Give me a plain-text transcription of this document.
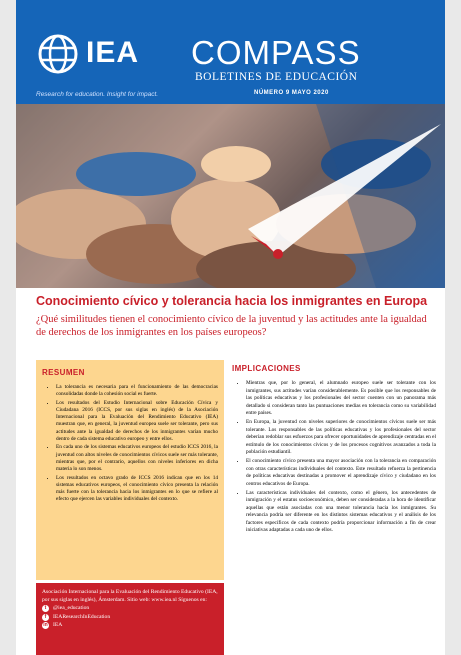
IEA
Research for education. Insight for impact.
COMPASS
BOLETINES DE EDUCACIÓN
NÚMERO 9 MAYO 2020
Conocimiento cívico y tolerancia hacia los inmigrantes en Europa
¿Qué similitudes tienen el conocimiento cívico de la juventud y las actitudes ante la igualdad de derechos de los inmigrantes en los países europeos?
RESUMEN
• La tolerancia es necesaria para el funcionamiento de las democracias consolidadas donde la cohesión social es fuerte.
• Los resultados del Estudio Internacional sobre Educación Cívica y Ciudadana 2016 (ICCS, por sus siglas en inglés) de la Asociación Internacional para la Evaluación del Rendimiento Educativo (IEA) muestran que, en general, la juventud europea suele ser tolerante, pero sus actitudes ante la igualdad de derechos de los inmigrantes varían mucho dentro de cada sistema educativo europeo y entre ellos.
• En cada uno de los sistemas educativos europeos del estudio ICCS 2016, la juventud con altos niveles de conocimientos cívicos suele ser más tolerante, mientras que, por el contrario, aquellos con niveles inferiores en dicha materia lo son menos.
• Los resultados en octavo grado de ICCS 2016 indican que en los 14 sistemas educativos europeos, el conocimiento cívico presenta la relación más fuerte con la tolerancia hacia los inmigrantes en lo que se refiere al efecto que ejercen las variables individuales del contexto.
Asociación Internacional para la Evaluación del Rendimiento Educativo (IEA, por sus siglas en inglés), Ámsterdam. Sitio web: www.iea.nl Síguenos en:
t	@iea_education
f	IEAResearchInEducation
in IEA
IMPLICACIONES
• Mientras que, por lo general, el alumnado europeo suele ser tolerante con los inmigrantes, sus actitudes varían considerablemente. Es posible que los responsables de las políticas educativas y los profesionales del sector cuenten con un panorama más detallado si consideran tanto las puntuaciones medias en tolerancia como su variabilidad entre países.
• En Europa, la juventud con niveles superiores de conocimientos cívicos suele ser más tolerante. Los responsables de las políticas educativas y los profesionales del sector deberían redoblar sus esfuerzos para ofrecer oportunidades de aprendizaje centradas en el estímulo de los conocimientos cívicos y de los procesos cognitivos avanzados a toda la población estudiantil.
• El conocimiento cívico presenta una mayor asociación con la tolerancia en comparación con otras características individuales del contexto. Este resultado refuerza la pertinencia de políticas educativas destinadas a promover el aprendizaje cívico y ciudadano en los centros educativos de Europa.
• Las características individuales del contexto, como el género, los antecedentes de inmigración y el estatus socioeconómico, deben ser consideradas a la hora de identificar aquellas que están asociadas con una menor tolerancia hacia los inmigrantes. Su relevancia podría ser diferente en los distintos sistemas educativos y el análisis de los factores específicos de cada contexto podría proporcionar información a fin de crear iniciativas adaptadas a cada uno de ellos.
